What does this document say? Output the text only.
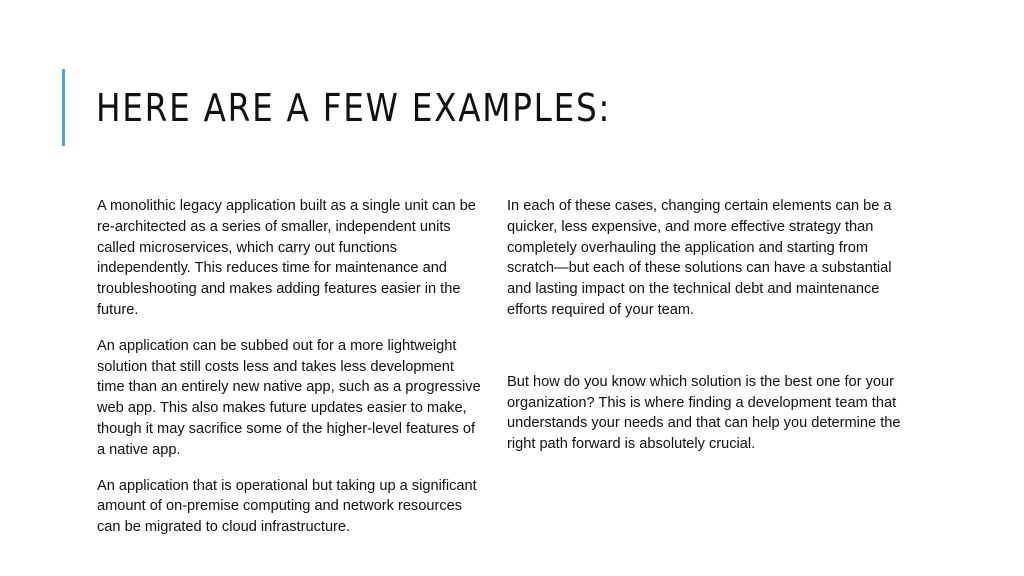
HERE ARE A FEW EXAMPLES:

A monolithic legacy application built as a single unit can be re-architected as a series of smaller, independent units called microservices, which carry out functions independently. This reduces time for maintenance and troubleshooting and makes adding features easier in the future.

An application can be subbed out for a more lightweight solution that still costs less and takes less development time than an entirely new native app, such as a progressive web app. This also makes future updates easier to make, though it may sacrifice some of the higher-level features of a native app.

An application that is operational but taking up a significant amount of on-premise computing and network resources can be migrated to cloud infrastructure.

In each of these cases, changing certain elements can be a quicker, less expensive, and more effective strategy than completely overhauling the application and starting from scratch—but each of these solutions can have a substantial and lasting impact on the technical debt and maintenance efforts required of your team.

But how do you know which solution is the best one for your organization? This is where finding a development team that understands your needs and that can help you determine the right path forward is absolutely crucial.
